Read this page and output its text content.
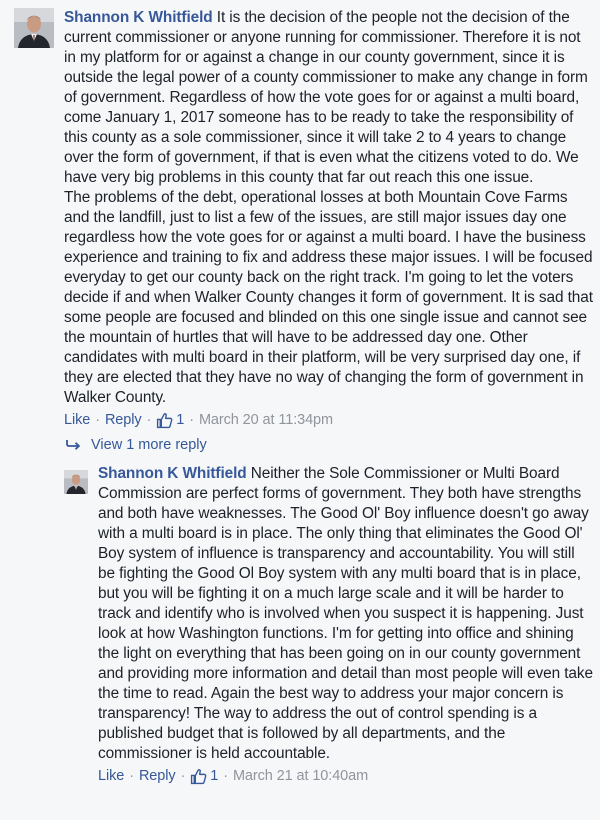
Shannon K Whitfield It is the decision of the people not the decision of the current commissioner or anyone running for commissioner. Therefore it is not in my platform for or against a change in our county government, since it is outside the legal power of a county commissioner to make any change in form of government. Regardless of how the vote goes for or against a multi board, come January 1, 2017 someone has to be ready to take the responsibility of this county as a sole commissioner, since it will take 2 to 4 years to change over the form of government, if that is even what the citizens voted to do. We have very big problems in this county that far out reach this one issue.
The problems of the debt, operational losses at both Mountain Cove Farms and the landfill, just to list a few of the issues, are still major issues day one regardless how the vote goes for or against a multi board. I have the business experience and training to fix and address these major issues. I will be focused everyday to get our county back on the right track. I'm going to let the voters decide if and when Walker County changes it form of government. It is sad that some people are focused and blinded on this one single issue and cannot see the mountain of hurtles that will have to be addressed day one. Other candidates with multi board in their platform, will be very surprised day one, if they are elected that they have no way of changing the form of government in Walker County.
Like · Reply · 1 · March 20 at 11:34pm
View 1 more reply
Shannon K Whitfield Neither the Sole Commissioner or Multi Board Commission are perfect forms of government. They both have strengths and both have weaknesses. The Good Ol' Boy influence doesn't go away with a multi board is in place. The only thing that eliminates the Good Ol' Boy system of influence is transparency and accountability. You will still be fighting the Good Ol Boy system with any multi board that is in place, but you will be fighting it on a much large scale and it will be harder to track and identify who is involved when you suspect it is happening. Just look at how Washington functions. I'm for getting into office and shining the light on everything that has been going on in our county government and providing more information and detail than most people will even take the time to read. Again the best way to address your major concern is transparency! The way to address the out of control spending is a published budget that is followed by all departments, and the commissioner is held accountable.
Like · Reply · 1 · March 21 at 10:40am
